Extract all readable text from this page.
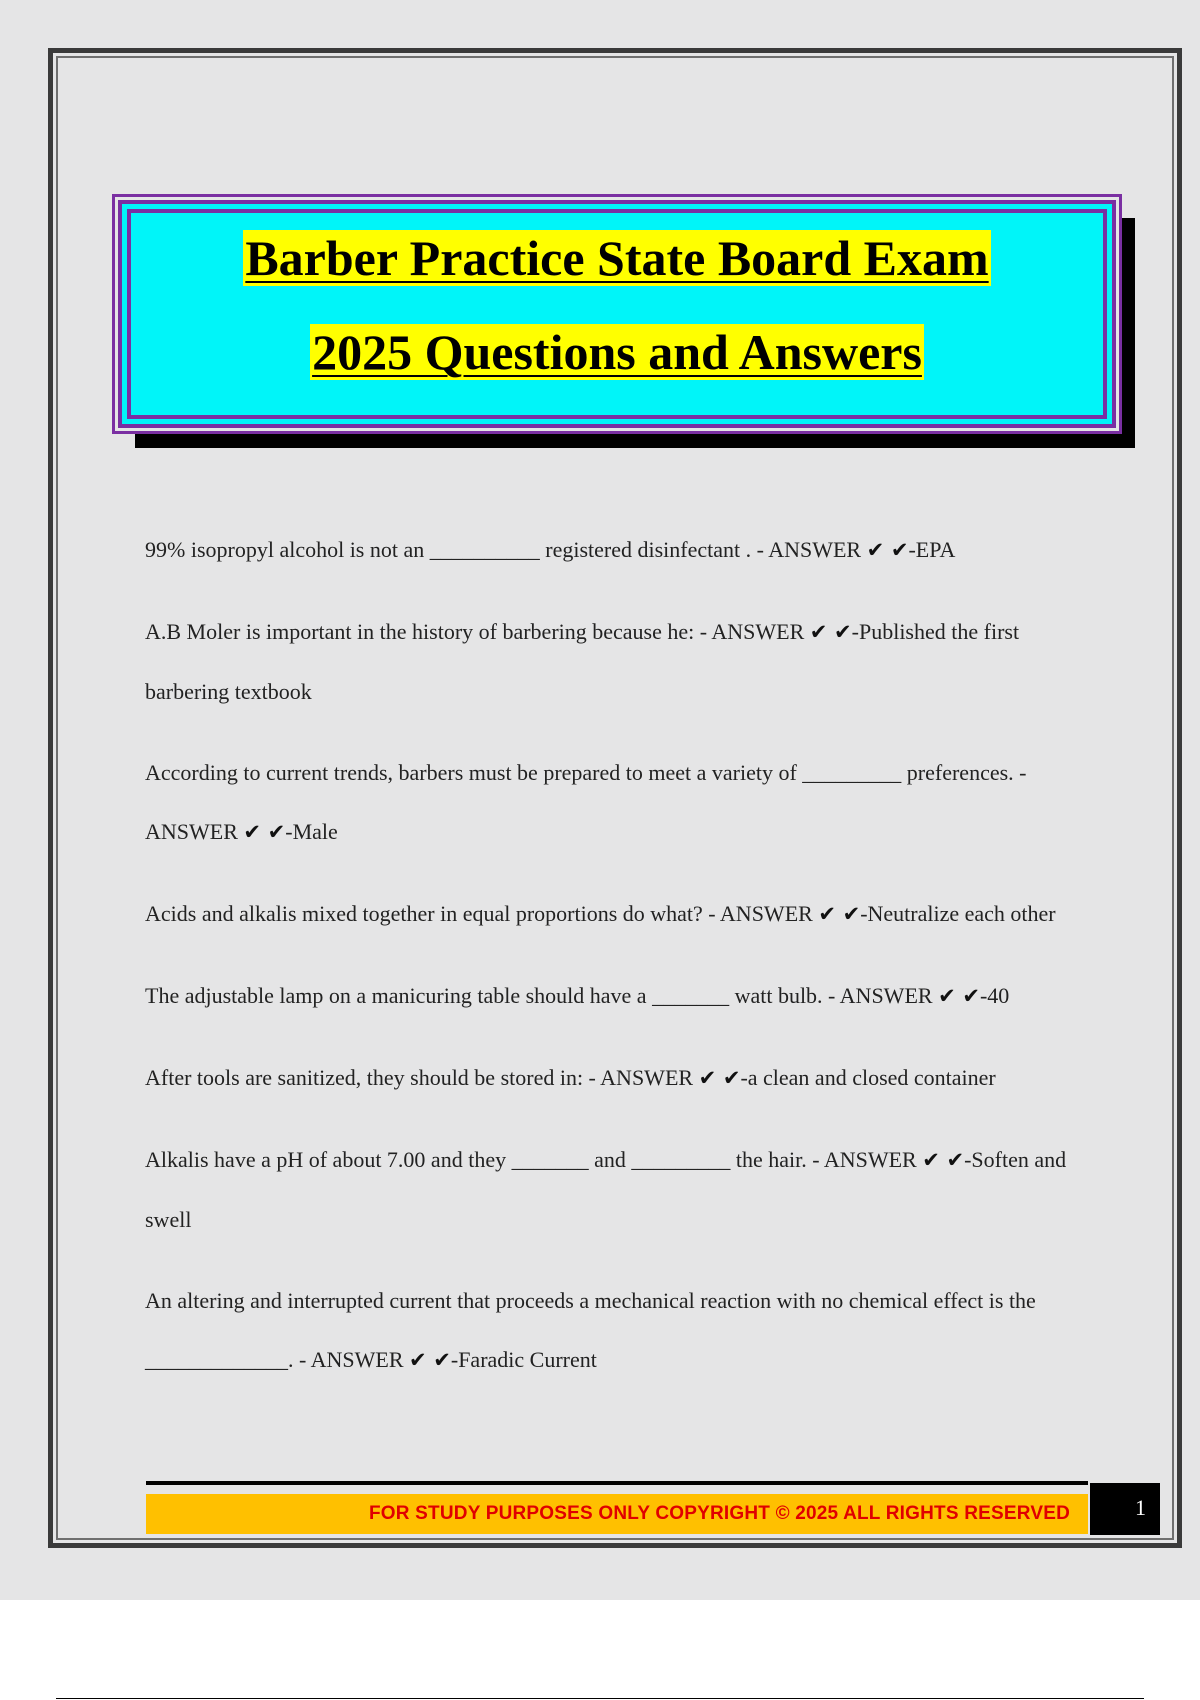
Barber Practice State Board Exam
2025 Questions and Answers
99% isopropyl alcohol is not an __________ registered disinfectant . - ANSWER ✔ ✔-EPA
A.B Moler is important in the history of barbering because he: - ANSWER ✔ ✔-Published the first barbering textbook
According to current trends, barbers must be prepared to meet a variety of _________ preferences. - ANSWER ✔ ✔-Male
Acids and alkalis mixed together in equal proportions do what? - ANSWER ✔ ✔-Neutralize each other
The adjustable lamp on a manicuring table should have a _______ watt bulb. - ANSWER ✔ ✔-40
After tools are sanitized, they should be stored in: - ANSWER ✔ ✔-a clean and closed container
Alkalis have a pH of about 7.00 and they _______ and _________ the hair. - ANSWER ✔ ✔-Soften and swell
An altering and interrupted current that proceeds a mechanical reaction with no chemical effect is the _____________. - ANSWER ✔ ✔-Faradic Current
FOR STUDY PURPOSES ONLY COPYRIGHT © 2025 ALL RIGHTS RESERVED	1
